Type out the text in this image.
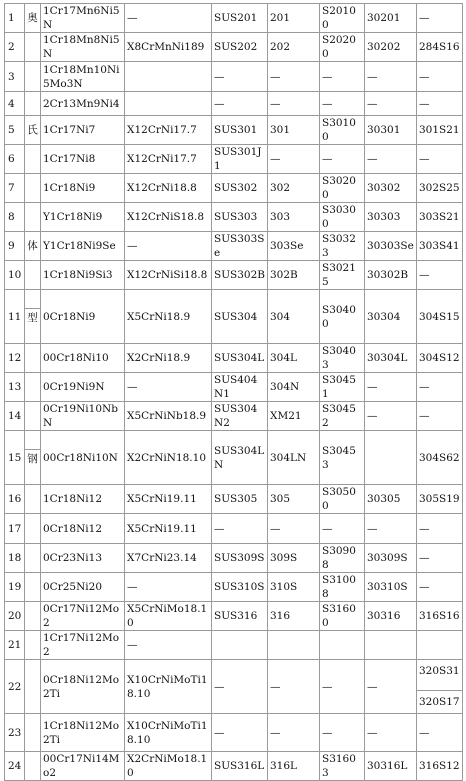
1	奥	1Cr17Mn6Ni5N	—	SUS201	201	S20100	30201	—
2		1Cr18Mn8Ni5N	X8CrMnNi189	SUS202	202	S20200	30202	284S16
3		1Cr18Mn10Ni5Mo3N		—	—	—	—	—
4		2Cr13Mn9Ni4		—	—	—	—	—
5	氏	1Cr17Ni7	X12CrNi17.7	SUS301	301	S30100	30301	301S21
6		1Cr17Ni8	X12CrNi17.7	SUS301J1	—	—	—	—
7		1Cr18Ni9	X12CrNi18.8	SUS302	302	S30200	30302	302S25
8		Y1Cr18Ni9	X12CrNiS18.8	SUS303	303	S30300	30303	303S21
9	体	Y1Cr18Ni9Se	—	SUS303Se	303Se	S30323	30303Se	303S41
10		1Cr18Ni9Si3	X12CrNiSi18.8	SUS302B	302B	S30215	30302B	—
11	型	0Cr18Ni9	X5CrNi18.9	SUS304	304	S30400	30304	304S15
12		00Cr18Ni10	X2CrNi18.9	SUS304L	304L	S30403	30304L	304S12
13		0Cr19Ni9N	—	SUS404N1	304N	S30451	—	—
14		0Cr19Ni10NbN	X5CrNiNb18.9	SUS304N2	XM21	S30452	—	—
15	钢	00Cr18Ni10N	X2CrNiN18.10	SUS304LN	304LN	S30453		304S62
16		1Cr18Ni12	X5CrNi19.11	SUS305	305	S30500	30305	305S19
17		0Cr18Ni12	X5CrNi19.11	—	—	—	—	—
18		0Cr23Ni13	X7CrNi23.14	SUS309S	309S	S30908	30309S	—
19		0Cr25Ni20	—	SUS310S	310S	S31008	30310S	—
20		0Cr17Ni12Mo2	X5CrNiMo18.10	SUS316	316	S31600	30316	316S16
21		1Cr17Ni12Mo2	—					
22		0Cr18Ni12Mo2Ti	X10CrNiMoTi18.10	—	—	—	—	320S31
320S17

23		1Cr18Ni12Mo2Ti	X10CrNiMoTi18.10	—	—	—	—	—
24		00Cr17Ni14Mo2	X2CrNiMo18.10	SUS316L	316L	S31603	30316L	316S12
